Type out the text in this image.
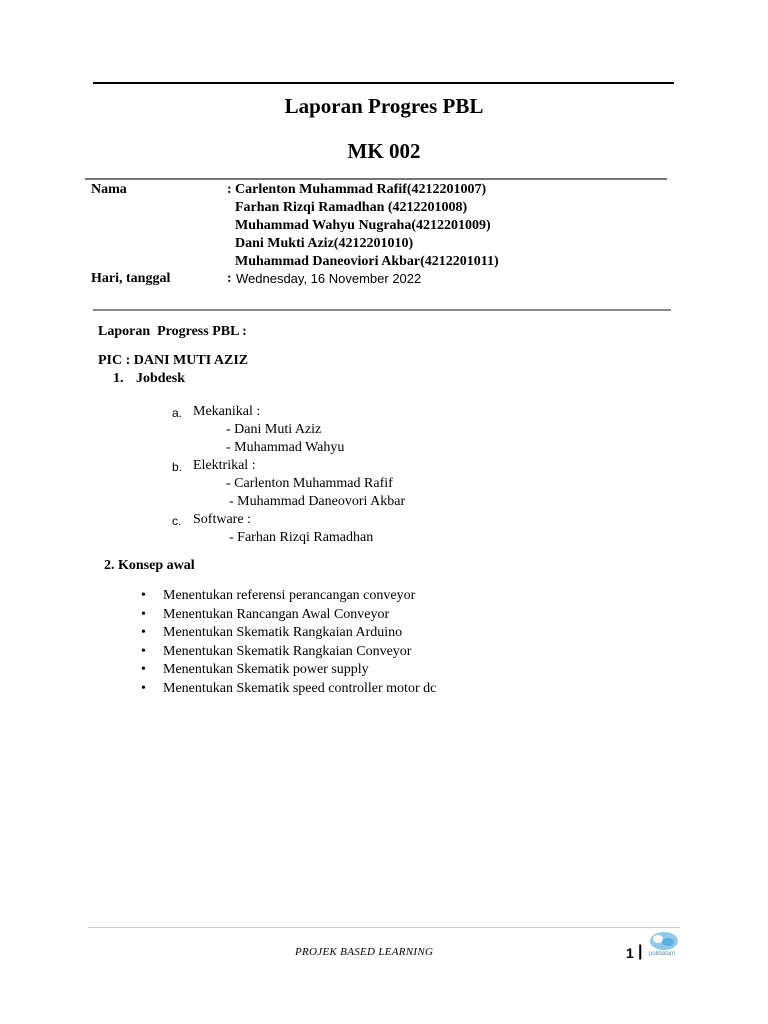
Laporan Progres PBL
MK 002
Nama	: Carlenton Muhammad Rafif(4212201007)
Farhan Rizqi Ramadhan (4212201008)
Muhammad Wahyu Nugraha(4212201009)
Dani Mukti Aziz(4212201010)
Muhammad Daneoviori Akbar(4212201011)
Hari, tanggal	: Wednesday, 16 November 2022
Laporan  Progress PBL :
PIC : DANI MUTI AZIZ
1. Jobdesk
a. Mekanikal :
- Dani Muti Aziz
- Muhammad Wahyu
b. Elektrikal :
- Carlenton Muhammad Rafif
- Muhammad Daneovori Akbar
c. Software :
- Farhan Rizqi Ramadhan
2. Konsep awal
• Menentukan referensi perancangan conveyor
• Menentukan Rancangan Awal Conveyor
• Menentukan Skematik Rangkaian Arduino
• Menentukan Skematik Rangkaian Conveyor
• Menentukan Skematik power supply
• Menentukan Skematik speed controller motor dc
PROJEK BASED LEARNING	1 | polibatam
